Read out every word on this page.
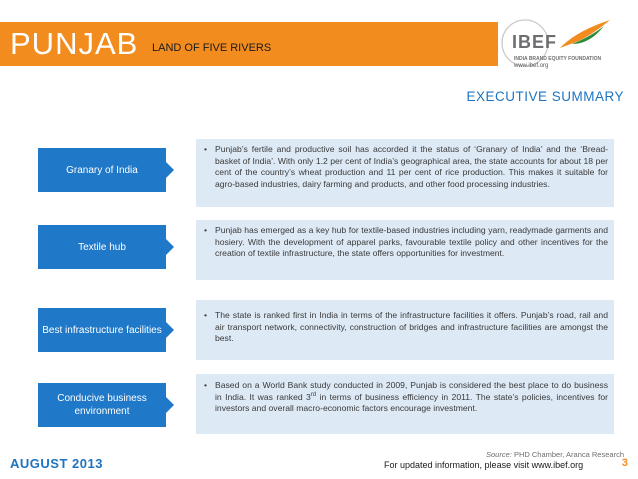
PUNJAB LAND OF FIVE RIVERS	IBEF
INDIA BRAND EQUITY FOUNDATION
www.ibef.org
EXECUTIVE SUMMARY
Granary of India
• Punjab’s fertile and productive soil has accorded it the status of ‘Granary of India’ and the ‘Bread-basket of India’. With only 1.2 per cent of India’s geographical area, the state accounts for about 18 per cent of the country’s wheat production and 11 per cent of rice production. This makes it suitable for agro-based industries, dairy farming and products, and other food processing industries.
Textile hub
• Punjab has emerged as a key hub for textile-based industries including yarn, readymade garments and hosiery. With the development of apparel parks, favourable textile policy and other incentives for the creation of textile infrastructure, the state offers opportunities for investment.
Best infrastructure facilities
• The state is ranked first in India in terms of the infrastructure facilities it offers. Punjab’s road, rail and air transport network, connectivity, construction of bridges and infrastructure facilities are amongst the best.
Conducive business environment
• Based on a World Bank study conducted in 2009, Punjab is considered the best place to do business in India. It was ranked 3rd in terms of business efficiency in 2011. The state’s policies, incentives for investors and overall macro-economic factors encourage investment.
Source: PHD Chamber, Aranca Research
AUGUST 2013	For updated information, please visit www.ibef.org	3
